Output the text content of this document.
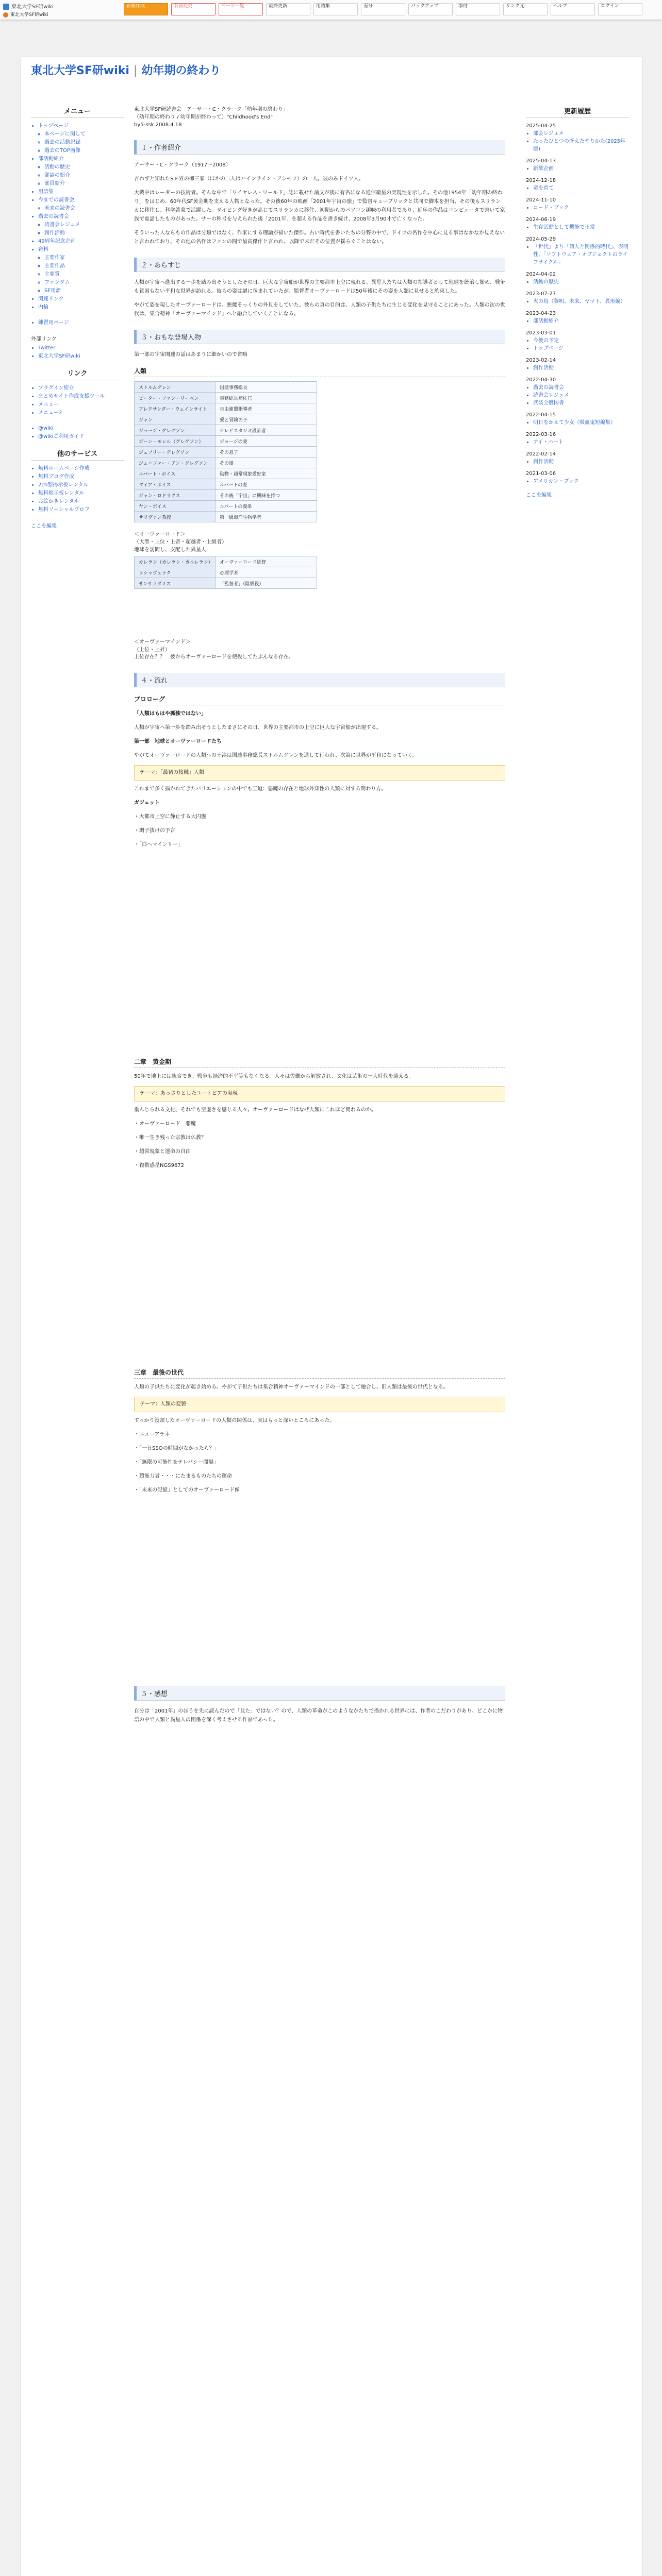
東北大学SF研wiki
東北大学SF研wiki
新規作成	名前変更	ページ一覧	最終更新	用語集	差分	バックアップ	添付	リンク元	ヘルプ	ログイン
東北大学SF研wiki | 幼年期の終わり
メニュー
• トップページ
◦ 本ページに関して
◦ 過去の活動記録
◦ 過去のTOP画像
• 部活動紹介
◦ 活動の歴史
◦ 部誌の紹介
◦ 部員紹介
• 用語集
• 今までの読書会
◦ 未来の読書会
• 過去の読書会
◦ 読書会レジュメ
◦ 創作活動
• 49周年記念企画
• 資料
◦ 主要作家
◦ 主要作品
◦ 主要賞
◦ ファンダム
◦ SF用語
• 関連リンク
• 内輪
• 練習用ページ
外部リンク
• Twitter
• 東北大学SF研wiki
リンク
• プラグイン紹介
• まとめサイト作成支援ツール
• メニュー
• メニュー2
• @wiki
• @wikiご利用ガイド
他のサービス
• 無料ホームページ作成
• 無料ブログ作成
• 2ch型掲示板レンタル
• 無料掲示板レンタル
• お絵かきレンタル
• 無料ソーシャルプロフ
ここを編集
東北大学SF研読書会　アーサー・C・クラーク「幼年期の終わり」
（幼年期の終わり / 幼年期が終わって）"Childhood's End"
by5-ssk 2008.4.18
１・作者紹介

アーサー・C・クラーク（1917～2008）

言わずと知れたS.F.界の御三家（ほかの二人はハインライン・アシモフ）の一人。彼のみドイツ人。

大戦中はレーダーの技術者。そんな中で「ワイヤレス・ワールド」誌に載せた論文が後に有名になる通信衛星の実現性を示した。その他1954年「幼年期の終わり」をはじめ、60年代SF黄金期を支える人物となった。その後60年の映画「2001年宇宙の旅」で監督キューブリックと共同で脚本を担当、その後もスリランカに移住し、科学啓蒙で活躍した。ダイビング好きが高じてスリランカに移住、初期からのパソコン趣味の利用者であり、近年の作品はコンピュータで書いて家族で電話したものがあった。サーの称号を与えられた後「2001年」を超える作品を書き続け、2008年3月90才で亡くなった。

そういった人ならもの作品は分類ではなく、作家にする理論が描いた傑作。古い時代を書いたちの分野の中で、ドイツの名作を中心に見る事はなかなか見えないと言われており、その他の名作はファンの間で最高傑作と言われ、以降で未だその位置が揺らぐことはない。

２・あらすじ

人類が宇宙へ進出する一歩を踏み出そうとしたその日、巨大な宇宙船が世界の主要都市上空に現れる。異星人たちは人類の指導者として地球を統治し始め、戦争も貧困もない平和な世界が訪れる。彼らの姿は謎に包まれていたが、監督者オーヴァーロードは50年後にその姿を人類に見せると約束した。

やがて姿を現したオーヴァーロードは、悪魔そっくりの外見をしていた。彼らの真の目的は、人類の子供たちに生じる変化を見守ることにあった。人類の次の世代は、集合精神「オーヴァーマインド」へと融合していくことになる。

３・おもな登場人物

第一部の宇宙関連の話はあまりに細かいので省略

人類
ストルムグレン	国連事務総長
ピーター・ファン・リーベン	事務総長補佐官
アレクサンダー・ウェインライト	自由連盟指導者
ジャン	愛と冒険の子
ジョージ・グレグソン	テレビスタジオ設計者
ジーン・モレル（グレグソン）	ジョージの妻
ジェフリー・グレグソン	その息子
ジェニファー・アン・グレグソン	その娘
ルパート・ボイス	動物・超常現象愛好家
マイア・ボイス	ルパートの妻
ジャン・ロドリクス	その後「宇宙」に興味を持つ
ヤン・ボイス	ルパートの義弟
サリヴァン教授	第一級海洋生物学者
＜オーヴァーロード＞
（大型・上位・上帝・超越者・上級者）
地球を訪問し、支配した異星人
カレラン（カレラン・カルレラン）	オーヴァーロード総督
ラシャヴェラク	心理学者
サンサラダミス	「監督者」（階級役）
＜オーヴァーマインド＞
（上位・上昇）

上位存在？？　彼からオーヴァーロードを使役してたぶんなる存在。

４・流れ
プロローグ

「人類はもはや孤独ではない」

人類が宇宙へ第一歩を踏み出そうとしたまさにその日、世界の主要都市の上空に巨大な宇宙船が出現する。

第一部　地球とオーヴァーロードたち

やがてオーヴァーロードの人類への干渉は国連事務総長ストルムグレンを通して行われ、次第に世界が平和になっていく。

テーマ：「最初の接触」人類

これまで多く描かれてきたバリエーションの中でも王道：悪魔の存在と地球外知性の人類に対する関わり方。

ガジェット

・大都市上空に静止する大円盤

・調子抜けの予言

・「白ヘマインリー」

二章　黄金期

50年で地上には統合でき、戦争も経済的不平等もなくなる。人々は労働から解放され、文化は芸術の一大時代を迎える。

テーマ：あっさりとしたユートピアの実現

重んじられる文化、それでも空虚さを感じる人々。オーヴァーロードはなぜ人類にこれほど関わるのか。

・オーヴァーロード　悪魔

・唯一生き残った宗教は仏教？

・超常現象と運命の自由

・複数惑星NGS9672

三章　最後の世代

人類の子供たちに変化が起き始める。やがて子供たちは集合精神オーヴァーマインドの一部として融合し、旧人類は最後の世代となる。

テーマ：人類の変貌

すっかり没頭したオーヴァーロードの人類の関係は、実はもっと深いところにあった。

・ニューアテネ

・「一日SSOの時間がなかったら？」

・「無限の可能性をテレパシー間隔」

・超能力者・・・にたまるものたちの運命

・「未来の記憶」としてのオーヴァーロード像

５・感想

自分は「2001年」のほうを先に読んだので「見た」ではない？ので、人類の革命がこのようなかたちで描かれる世界には、作者のこだわりがあり、どこかに物語の中で人類と異星人の関係を深く考えさせる作品であった。

更新履歴
2025-04-25
• 部会レジュメ
• たったひとつの冴えたやりかた(2025年版)
2025-04-13
• 新歓企画
2024-12-18
• 竜を育て
2024-11-10
• コード・ブック
2024-06-19
• 生存活動として機能で正常
2024-05-29
• 「世代」より「個人と関係的時代」、表明性、「ソフトウェア・オブジェクトのライフサイクル」
2024-04-02
• 活動の歴史
2023-07-27
• 火の鳥（黎明、未来、ヤマト、異形編）
2023-04-23
• 部活動紹介
2023-03-01
• 今後の予定
• トップページ
2023-02-14
• 創作活動
2022-04-30
• 過去の読書会
• 読書会レジュメ
• 武装全般図書
2022-04-15
• 明日をかえて少女（吸血鬼短編集）
2022-03-16
• アイ・ハート
2022-02-14
• 創作活動
2021-03-06
• アメリカン・ブック
ここを編集
